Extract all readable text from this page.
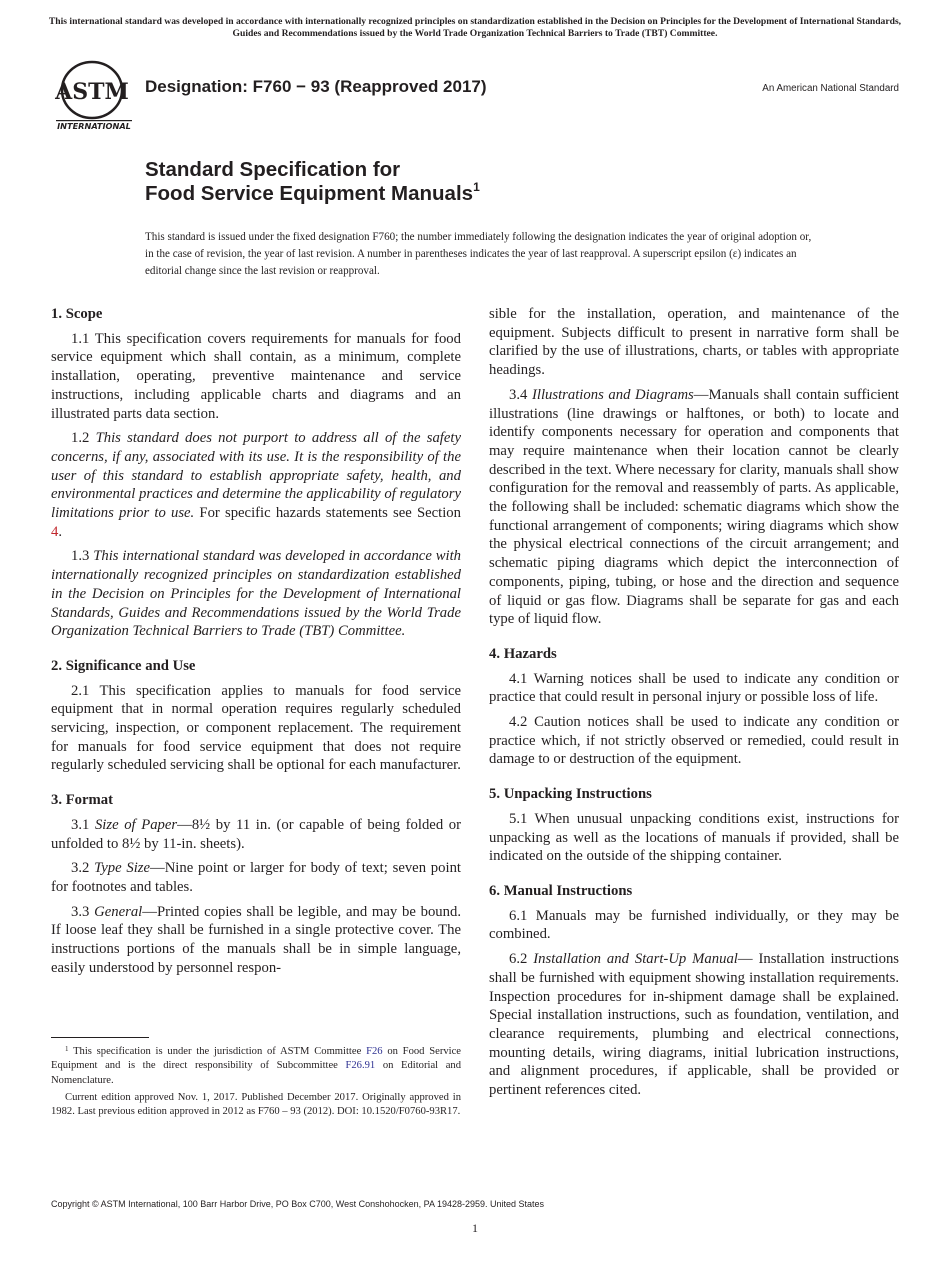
This international standard was developed in accordance with internationally recognized principles on standardization established in the Decision on Principles for the Development of International Standards, Guides and Recommendations issued by the World Trade Organization Technical Barriers to Trade (TBT) Committee.
ASTM
INTERNATIONAL
Designation: F760 − 93 (Reapproved 2017)	An American National Standard
Standard Specification for
Food Service Equipment Manuals$^1$
This standard is issued under the fixed designation F760; the number immediately following the designation indicates the year of original adoption or, in the case of revision, the year of last revision. A number in parentheses indicates the year of last reapproval. A superscript epsilon (ε) indicates an editorial change since the last revision or reapproval.
1. Scope

1.1 This specification covers requirements for manuals for food service equipment which shall contain, as a minimum, complete installation, operating, preventive maintenance and service instructions, including applicable charts and diagrams and an illustrated parts data section.

1.2 This standard does not purport to address all of the safety concerns, if any, associated with its use. It is the responsibility of the user of this standard to establish appropriate safety, health, and environmental practices and determine the applicability of regulatory limitations prior to use. For specific hazards statements see Section 4.

1.3 This international standard was developed in accordance with internationally recognized principles on standardization established in the Decision on Principles for the Development of International Standards, Guides and Recommendations issued by the World Trade Organization Technical Barriers to Trade (TBT) Committee.

2. Significance and Use

2.1 This specification applies to manuals for food service equipment that in normal operation requires regularly scheduled servicing, inspection, or component replacement. The requirement for manuals for food service equipment that does not require regularly scheduled servicing shall be optional for each manufacturer.

3. Format

3.1 Size of Paper—8½ by 11 in. (or capable of being folded or unfolded to 8½ by 11-in. sheets).

3.2 Type Size—Nine point or larger for body of text; seven point for footnotes and tables.

3.3 General—Printed copies shall be legible, and may be bound. If loose leaf they shall be furnished in a single protective cover. The instructions portions of the manuals shall be in simple language, easily understood by personnel respon-

$^1$ This specification is under the jurisdiction of ASTM Committee F26 on Food Service Equipment and is the direct responsibility of Subcommittee F26.91 on Editorial and Nomenclature.

Current edition approved Nov. 1, 2017. Published December 2017. Originally approved in 1982. Last previous edition approved in 2012 as F760 – 93 (2012). DOI: 10.1520/F0760-93R17.

sible for the installation, operation, and maintenance of the equipment. Subjects difficult to present in narrative form shall be clarified by the use of illustrations, charts, or tables with appropriate headings.

3.4 Illustrations and Diagrams—Manuals shall contain sufficient illustrations (line drawings or halftones, or both) to locate and identify components necessary for operation and components that may require maintenance when their location cannot be clearly described in the text. Where necessary for clarity, manuals shall show configuration for the removal and reassembly of parts. As applicable, the following shall be included: schematic diagrams which show the functional arrangement of components; wiring diagrams which show the physical electrical connections of the circuit arrangement; and schematic piping diagrams which depict the interconnection of components, piping, tubing, or hose and the direction and sequence of liquid or gas flow. Diagrams shall be separate for gas and each type of liquid flow.

4. Hazards

4.1 Warning notices shall be used to indicate any condition or practice that could result in personal injury or possible loss of life.

4.2 Caution notices shall be used to indicate any condition or practice which, if not strictly observed or remedied, could result in damage to or destruction of the equipment.

5. Unpacking Instructions

5.1 When unusual unpacking conditions exist, instructions for unpacking as well as the locations of manuals if provided, shall be indicated on the outside of the shipping container.

6. Manual Instructions

6.1 Manuals may be furnished individually, or they may be combined.

6.2 Installation and Start-Up Manual— Installation instructions shall be furnished with equipment showing installation requirements. Inspection procedures for in-shipment damage shall be explained. Special installation instructions, such as foundation, ventilation, and clearance requirements, plumbing and electrical connections, mounting details, wiring diagrams, initial lubrication instructions, and alignment procedures, if applicable, shall be provided or pertinent references cited.

Copyright © ASTM International, 100 Barr Harbor Drive, PO Box C700, West Conshohocken, PA 19428-2959. United States
1
